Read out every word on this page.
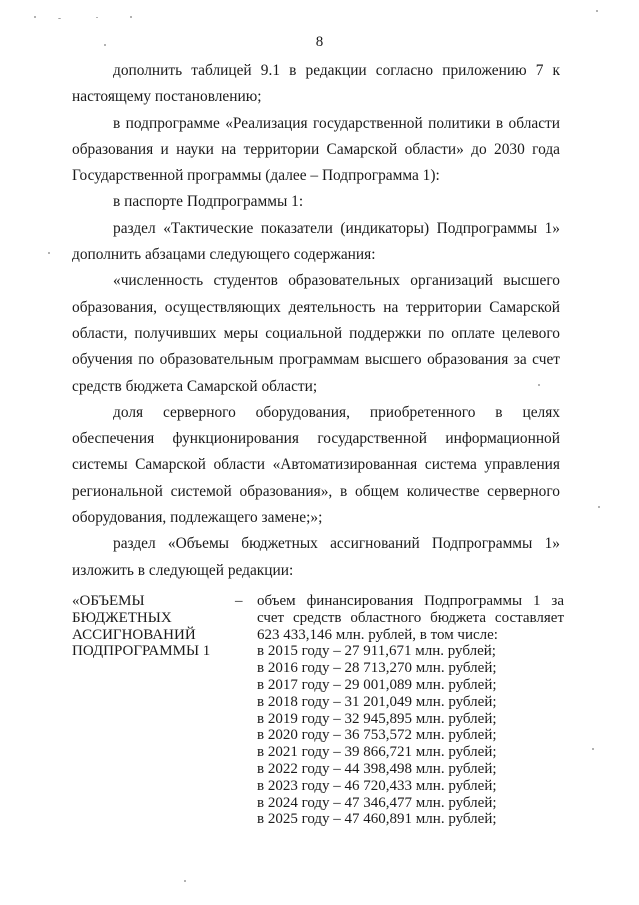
8

дополнить таблицей 9.1 в редакции согласно приложению 7 к настоящему постановлению;

в подпрограмме «Реализация государственной политики в области образования и науки на территории Самарской области» до 2030 года Государственной программы (далее – Подпрограмма 1):

в паспорте Подпрограммы 1:

раздел «Тактические показатели (индикаторы) Подпрограммы 1» дополнить абзацами следующего содержания:

«численность студентов образовательных организаций высшего образования, осуществляющих деятельность на территории Самарской области, получивших меры социальной поддержки по оплате целевого обучения по образовательным программам высшего образования за счет средств бюджета Самарской области;

доля серверного оборудования, приобретенного в целях обеспечения функционирования государственной информационной системы Самарской области «Автоматизированная система управления региональной системой образования», в общем количестве серверного оборудования, подлежащего замене;»;

раздел «Объемы бюджетных ассигнований Подпрограммы 1» изложить в следующей редакции:

«ОБЪЕМЫ
БЮДЖЕТНЫХ
АССИГНОВАНИЙ
ПОДПРОГРАММЫ 1
– объем финансирования Подпрограммы 1 за
счет средств областного бюджета составляет
623 433,146 млн. рублей, в том числе:
в 2015 году – 27 911,671 млн. рублей;
в 2016 году – 28 713,270 млн. рублей;
в 2017 году – 29 001,089 млн. рублей;
в 2018 году – 31 201,049 млн. рублей;
в 2019 году – 32 945,895 млн. рублей;
в 2020 году – 36 753,572 млн. рублей;
в 2021 году – 39 866,721 млн. рублей;
в 2022 году – 44 398,498 млн. рублей;
в 2023 году – 46 720,433 млн. рублей;
в 2024 году – 47 346,477 млн. рублей;
в 2025 году – 47 460,891 млн. рублей;
